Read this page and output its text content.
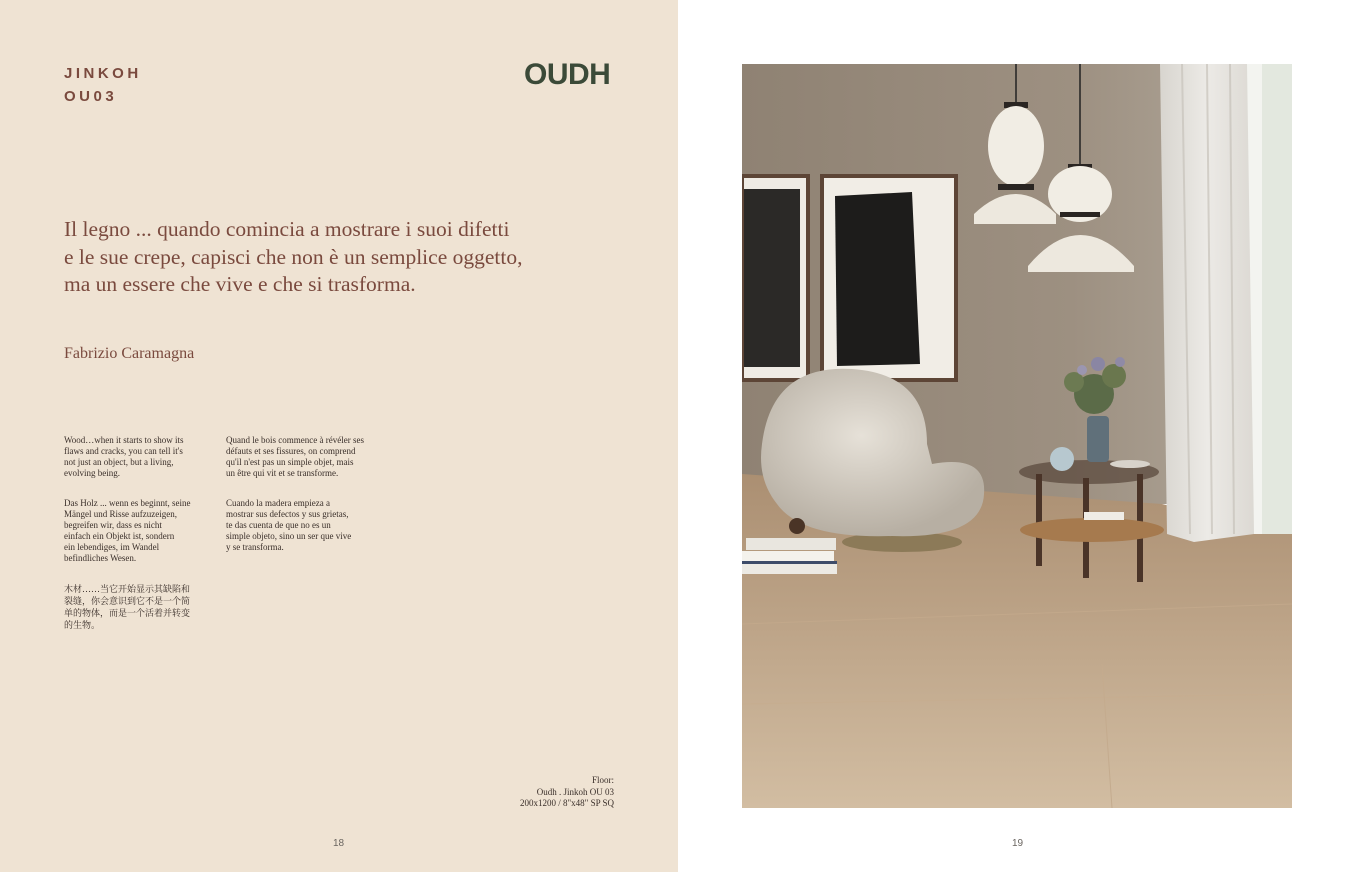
JINKOH
OU03
OUDH
Il legno ... quando comincia a mostrare i suoi difetti e le sue crepe, capisci che non è un semplice oggetto, ma un essere che vive e che si trasforma.
Fabrizio Caramagna
Wood…when it starts to show its
flaws and cracks, you can tell it's
not just an object, but a living,
evolving being.
Quand le bois commence à révéler ses
défauts et ses fissures, on comprend
qu'il n'est pas un simple objet, mais
un être qui vit et se transforme.
Das Holz ... wenn es beginnt, seine
Mängel und Risse aufzuzeigen,
begreifen wir, dass es nicht
einfach ein Objekt ist, sondern
ein lebendiges, im Wandel
befindliches Wesen.
Cuando la madera empieza a
mostrar sus defectos y sus grietas,
te das cuenta de que no es un
simple objeto, sino un ser que vive
y se transforma.
木材……当它开始显示其缺陷和
裂缝，你会意识到它不是一个简
单的物体，而是一个活着并转变
的生物。
Floor:
Oudh . Jinkoh OU 03
200x1200 / 8"x48" SP SQ
18	19
